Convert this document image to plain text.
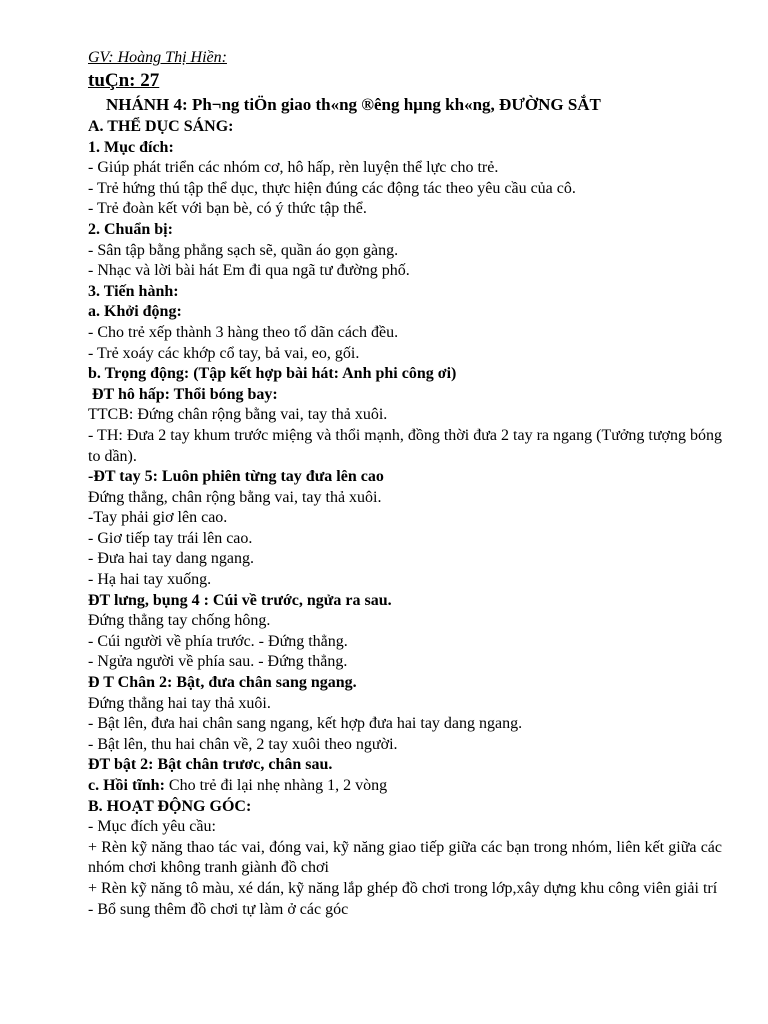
GV: Hoàng Thị Hiền:
tuÇn: 27
NHÁNH 4: Ph¬ng tiÖn giao th«ng ®êng hµng kh«ng, ĐƯỜNG SẮT
A. THỂ DỤC SÁNG:
1. Mục đích:
- Giúp phát triển các nhóm cơ, hô hấp, rèn luyện thể lực cho trẻ.
- Trẻ hứng thú tập thể dục, thực hiện đúng các động tác theo yêu cầu của cô.
- Trẻ đoàn kết với bạn bè, có ý thức tập thể.
2. Chuẩn bị:
- Sân tập bằng phẳng sạch sẽ, quần áo gọn gàng.
- Nhạc và lời bài hát Em đi qua ngã tư đường phố.
3. Tiến hành:
a. Khởi động:
- Cho trẻ xếp thành 3 hàng theo tổ dãn cách đều.
- Trẻ xoáy các khớp cổ tay, bả vai, eo, gối.
b. Trọng động: (Tập kết hợp bài hát: Anh phi công ơi)
ĐT hô hấp: Thổi bóng bay:
TTCB: Đứng chân rộng bằng vai, tay thả xuôi.
- TH: Đưa 2 tay khum trước miệng và thổi mạnh, đồng thời đưa 2 tay ra ngang (Tưởng tượng bóng to dần).
-ĐT tay 5: Luôn phiên từng tay đưa lên cao
Đứng thẳng, chân rộng bằng vai, tay thả xuôi.
-Tay phải giơ lên cao.
- Giơ tiếp tay trái lên cao.
- Đưa hai tay dang ngang.
- Hạ hai tay xuống.
ĐT lưng, bụng 4 : Cúi về trước, ngửa ra sau.
Đứng thẳng tay chống hông.
- Cúi người về phía trước. - Đứng thẳng.
- Ngửa người về phía sau. - Đứng thẳng.
Đ T Chân 2: Bật, đưa chân sang ngang.
Đứng thẳng hai tay thả xuôi.
- Bật lên, đưa hai chân sang ngang, kết hợp đưa hai tay dang ngang.
- Bật lên, thu hai chân về, 2 tay xuôi theo người.
ĐT bật 2: Bật chân trươc, chân sau.
c. Hồi tĩnh: Cho trẻ đi lại nhẹ nhàng 1, 2 vòng
B. HOẠT ĐỘNG GÓC:
- Mục đích yêu cầu:
+ Rèn kỹ năng thao tác vai, đóng vai, kỹ năng giao tiếp giữa các bạn trong nhóm, liên kết giữa các nhóm chơi không tranh giành đồ chơi
+ Rèn kỹ năng tô màu, xé dán, kỹ năng lắp ghép đồ chơi trong lớp,xây dựng khu công viên giải trí
- Bổ sung thêm đồ chơi tự làm ở các góc
